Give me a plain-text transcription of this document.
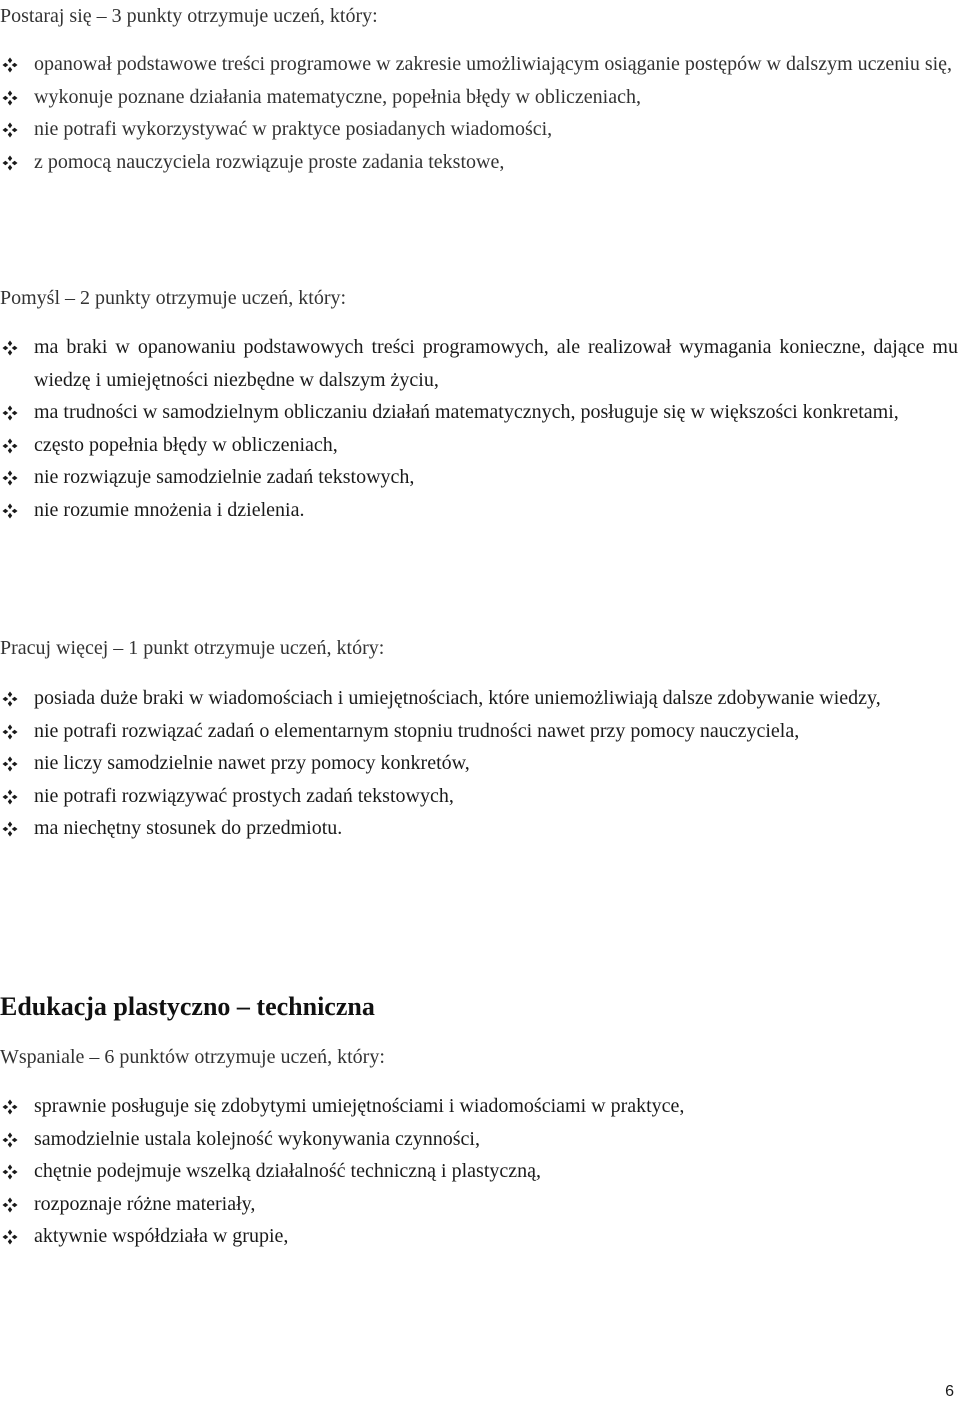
Postaraj się – 3 punkty otrzymuje uczeń, który:

opanował podstawowe treści programowe w zakresie umożliwiającym osiąganie postępów w dalszym uczeniu się,
wykonuje poznane działania matematyczne, popełnia błędy w obliczeniach,
nie potrafi wykorzystywać w praktyce posiadanych wiadomości,
z pomocą nauczyciela rozwiązuje proste zadania tekstowe,

Pomyśl – 2 punkty otrzymuje uczeń, który:

ma braki w opanowaniu podstawowych treści programowych, ale realizował wymagania konieczne, dające mu wiedzę i umiejętności niezbędne w dalszym życiu,
ma trudności w samodzielnym obliczaniu działań matematycznych, posługuje się w większości konkretami,
często popełnia błędy w obliczeniach,
nie rozwiązuje samodzielnie zadań tekstowych,
nie rozumie mnożenia i dzielenia.

Pracuj więcej – 1 punkt otrzymuje uczeń, który:

posiada duże braki w wiadomościach i umiejętnościach, które uniemożliwiają dalsze zdobywanie wiedzy,
nie potrafi rozwiązać zadań o elementarnym stopniu trudności nawet przy pomocy nauczyciela,
nie liczy samodzielnie nawet przy pomocy konkretów,
nie potrafi rozwiązywać prostych zadań tekstowych,
ma niechętny stosunek do przedmiotu.
Edukacja plastyczno – techniczna

Wspaniale – 6 punktów otrzymuje uczeń, który:

sprawnie posługuje się zdobytymi umiejętnościami i wiadomościami w praktyce,
samodzielnie ustala kolejność wykonywania czynności,
chętnie podejmuje wszelką działalność techniczną i plastyczną,
rozpoznaje różne materiały,
aktywnie współdziała w grupie,
6
